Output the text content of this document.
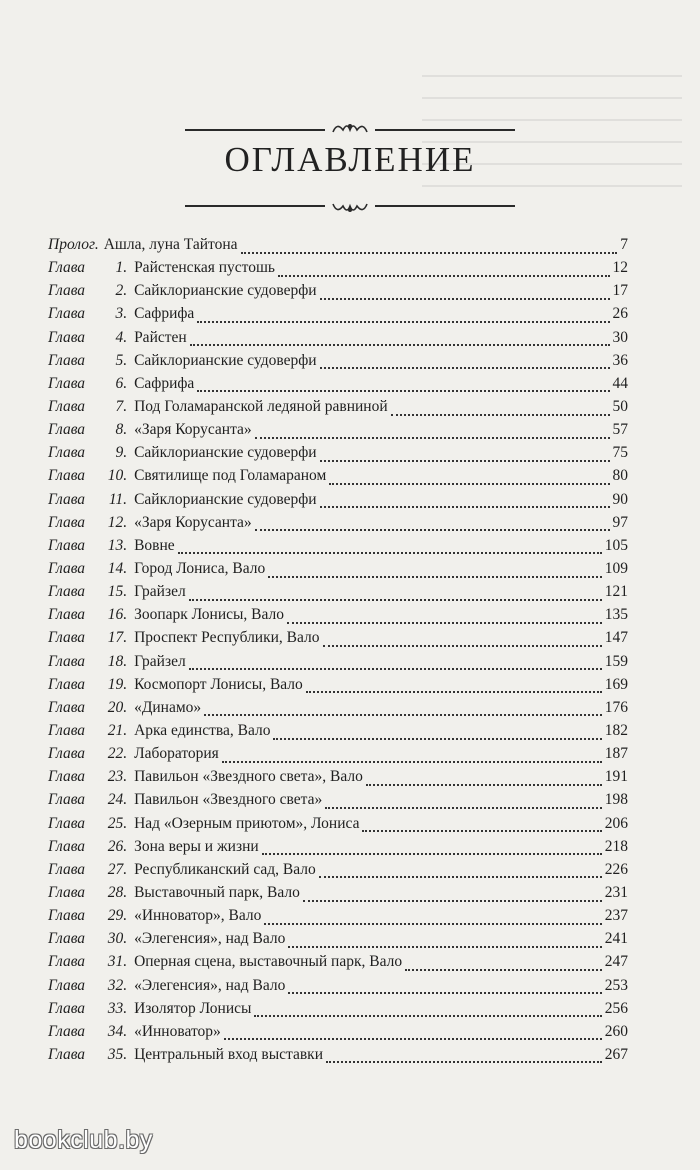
ОГЛАВЛЕНИЕ
Пролог. Ашла, луна Тайтона	7
Глава	1. Райстенская пустошь	12
Глава	2. Сайклорианские судоверфи	17
Глава	3. Сафрифа	26
Глава	4. Райстен	30
Глава	5. Сайклорианские судоверфи	36
Глава	6. Сафрифа	44
Глава	7. Под Голамаранской ледяной равниной	50
Глава	8. «Заря Корусанта»	57
Глава	9. Сайклорианские судоверфи	75
Глава	10. Святилище под Голамараном	80
Глава	11. Сайклорианские судоверфи	90
Глава	12. «Заря Корусанта»	97
Глава	13. Вовне	105
Глава	14. Город Лониса, Вало	109
Глава	15. Грайзел	121
Глава	16. Зоопарк Лонисы, Вало	135
Глава	17. Проспект Республики, Вало	147
Глава	18. Грайзел	159
Глава	19. Космопорт Лонисы, Вало	169
Глава	20. «Динамо»	176
Глава	21. Арка единства, Вало	182
Глава	22. Лаборатория	187
Глава	23. Павильон «Звездного света», Вало	191
Глава	24. Павильон «Звездного света»	198
Глава	25. Над «Озерным приютом», Лониса	206
Глава	26. Зона веры и жизни	218
Глава	27. Республиканский сад, Вало	226
Глава	28. Выставочный парк, Вало	231
Глава	29. «Инноватор», Вало	237
Глава	30. «Элегенсия», над Вало	241
Глава	31. Оперная сцена, выставочный парк, Вало	247
Глава	32. «Элегенсия», над Вало	253
Глава	33. Изолятор Лонисы	256
Глава	34. «Инноватор»	260
Глава	35. Центральный вход выставки	267
bookclub.by
